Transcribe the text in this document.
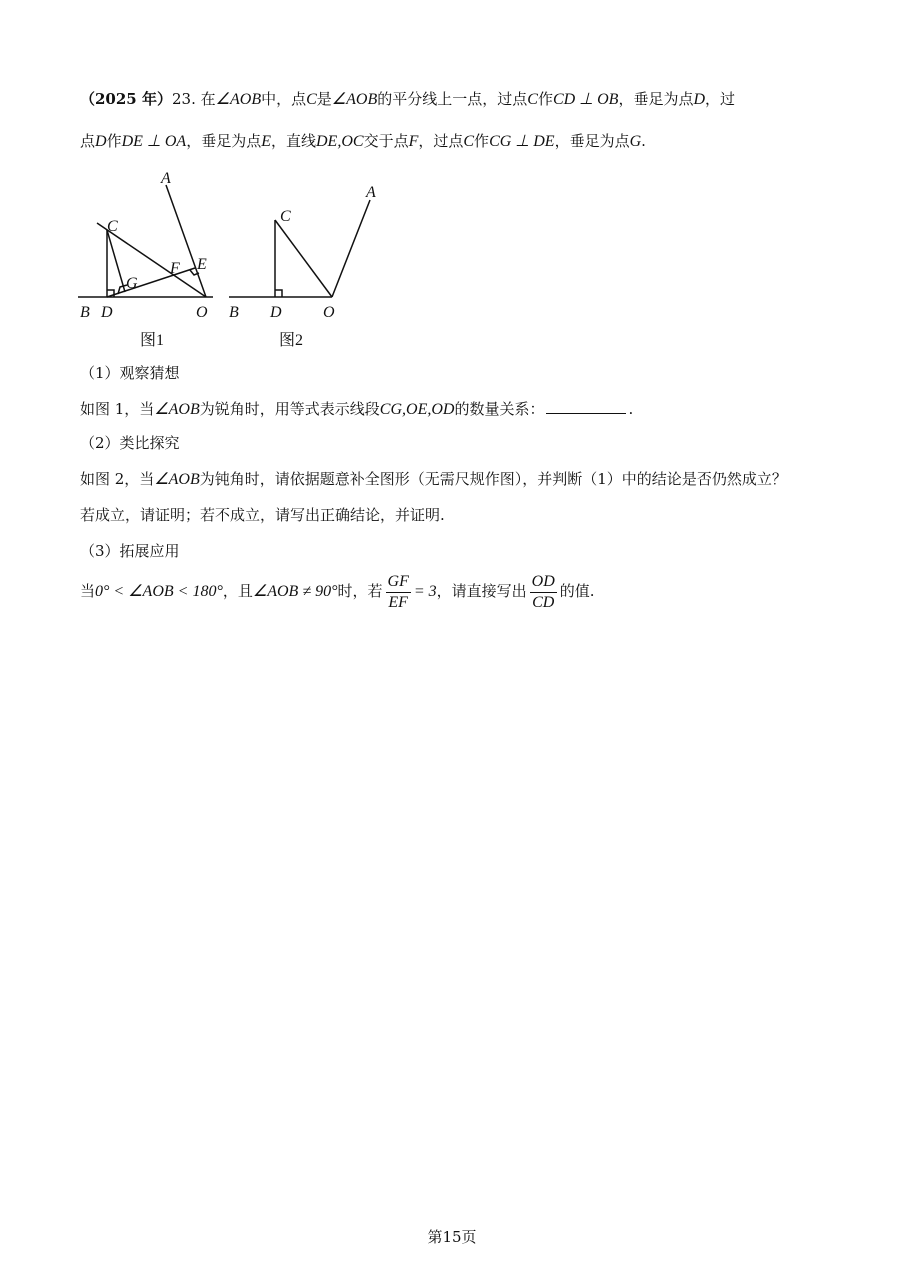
（2025 年）23. 在∠AOB中，点C是∠AOB的平分线上一点，过点C作CD ⊥ OB，垂足为点D，过
点D作DE ⊥ OA，垂足为点E，直线DE,OC交于点F，过点C作CG ⊥ DE，垂足为点G.
A
C
E
F
G
B D	O
图1
A
C
B D	O
图2
（1）观察猜想
如图 1，当∠AOB为锐角时，用等式表示线段CG,OE,OD的数量关系：	.
（2）类比探究
如图 2，当∠AOB为钝角时，请依据题意补全图形（无需尺规作图），并判断（1）中的结论是否仍然成立？
若成立，请证明；若不成立，请写出正确结论，并证明.
（3）拓展应用
当0° < ∠AOB < 180°，且∠AOB ≠ 90°时，若 $\frac{GF}{EF} = 3$，请直接写出 $\frac{OD}{CD}$ 的值.
第15页
